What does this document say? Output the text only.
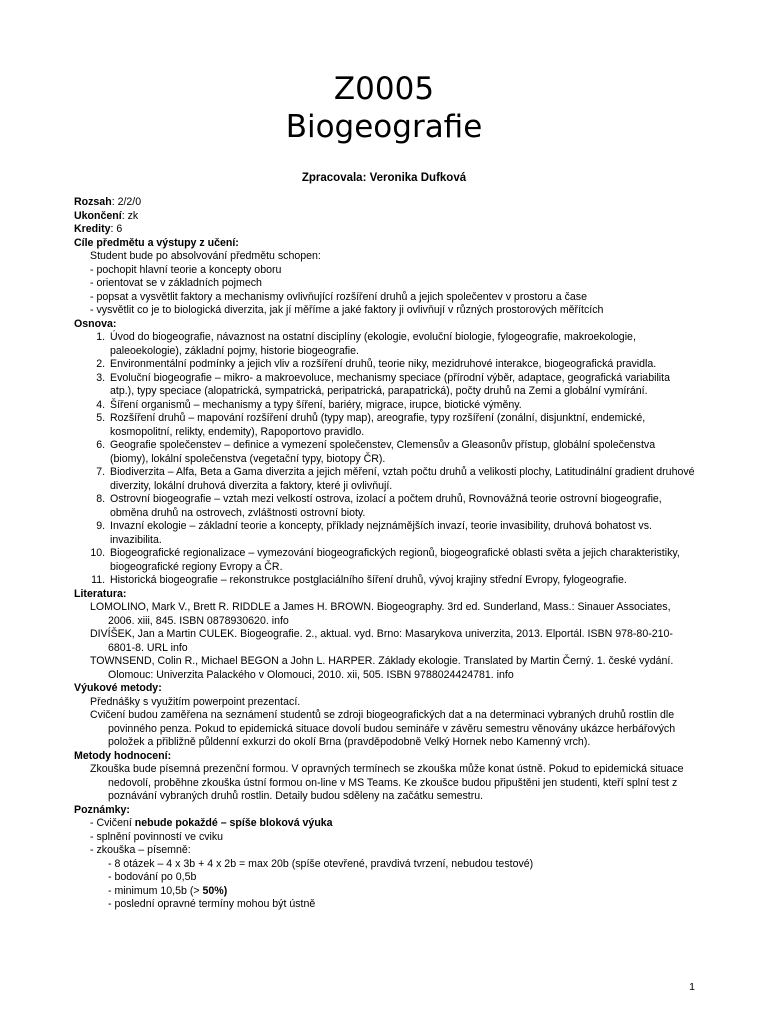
Z0005
Biogeografie
Zpracovala: Veronika Dufková

Rozsah: 2/2/0

Ukončení: zk

Kredity: 6

Cíle předmětu a výstupy z učení:

Student bude po absolvování předmětu schopen:

- pochopit hlavní teorie a koncepty oboru

- orientovat se v základních pojmech

- popsat a vysvětlit faktory a mechanismy ovlivňující rozšíření druhů a jejich společentev v prostoru a čase

- vysvětlit co je to biologická diverzita, jak jí měříme a jaké faktory ji ovlivňují v různých prostorových měřítcích

Osnova:

1. Úvod do biogeografie, návaznost na ostatní disciplíny (ekologie, evoluční biologie, fylogeografie, makroekologie, paleoekologie), základní pojmy, historie biogeografie.
2. Environmentální podmínky a jejich vliv a rozšíření druhů, teorie niky, mezidruhové interakce, biogeografická pravidla.
3. Evoluční biogeografie – mikro- a makroevoluce, mechanismy speciace (přírodní výběr, adaptace, geografická variabilita atp.), typy speciace (alopatrická, sympatrická, peripatrická, parapatrická), počty druhů na Zemi a globální vymírání.
4. Šíření organismů – mechanismy a typy šíření, bariéry, migrace, irupce, biotické výměny.
5. Rozšíření druhů – mapování rozšíření druhů (typy map), areografie, typy rozšíření (zonální, disjunktní, endemické, kosmopolitní, relikty, endemity), Rapoportovo pravidlo.
6. Geografie společenstev – definice a vymezení společenstev, Clemensův a Gleasonův přístup, globální společenstva (biomy), lokální společenstva (vegetační typy, biotopy ČR).
7. Biodiverzita – Alfa, Beta a Gama diverzita a jejich měření, vztah počtu druhů a velikosti plochy, Latitudinální gradient druhové diverzity, lokální druhová diverzita a faktory, které ji ovlivňují.
8. Ostrovní biogeografie – vztah mezi velkostí ostrova, izolací a počtem druhů, Rovnovážná teorie ostrovní biogeografie, obměna druhů na ostrovech, zvláštnosti ostrovní bioty.
9. Invazní ekologie – základní teorie a koncepty, příklady nejznámějších invazí, teorie invasibility, druhová bohatost vs. invazibilita.
10. Biogeografické regionalizace – vymezování biogeografických regionů, biogeografické oblasti světa a jejich charakteristiky, biogeografické regiony Evropy a ČR.
11. Historická biogeografie – rekonstrukce postglaciálního šíření druhů, vývoj krajiny střední Evropy, fylogeografie.

Literatura:

LOMOLINO, Mark V., Brett R. RIDDLE a James H. BROWN. Biogeography. 3rd ed. Sunderland, Mass.: Sinauer Associates, 2006. xiii, 845. ISBN 0878930620. info

DIVÍŠEK, Jan a Martin CULEK. Biogeografie. 2., aktual. vyd. Brno: Masarykova univerzita, 2013. Elportál. ISBN 978-80-210-6801-8. URL info

TOWNSEND, Colin R., Michael BEGON a John L. HARPER. Základy ekologie. Translated by Martin Černý. 1. české vydání. Olomouc: Univerzita Palackého v Olomouci, 2010. xii, 505. ISBN 9788024424781. info

Výukové metody:

Přednášky s využitím powerpoint prezentací.

Cvičení budou zaměřena na seznámení studentů se zdroji biogeografických dat a na determinaci vybraných druhů rostlin dle povinného penza. Pokud to epidemická situace dovolí budou semináře v závěru semestru věnovány ukázce herbářových položek a přibližně půldenní exkurzi do okolí Brna (pravděpodobně Velký Hornek nebo Kamenný vrch).

Metody hodnocení:

Zkouška bude písemná prezenční formou. V opravných termínech se zkouška může konat ústně. Pokud to epidemická situace nedovolí, proběhne zkouška ústní formou on-line v MS Teams. Ke zkoušce budou připuštěni jen studenti, kteří splní test z poznávání vybraných druhů rostlin. Detaily budou sděleny na začátku semestru.

Poznámky:

- Cvičení nebude pokaždé – spíše bloková výuka

- splnění povinností ve cviku

- zkouška – písemně:

- 8 otázek – 4 x 3b + 4 x 2b = max 20b (spíše otevřené, pravdivá tvrzení, nebudou testové)

- bodování po 0,5b

- minimum 10,5b (> 50%)

- poslední opravné termíny mohou být ústně

1
